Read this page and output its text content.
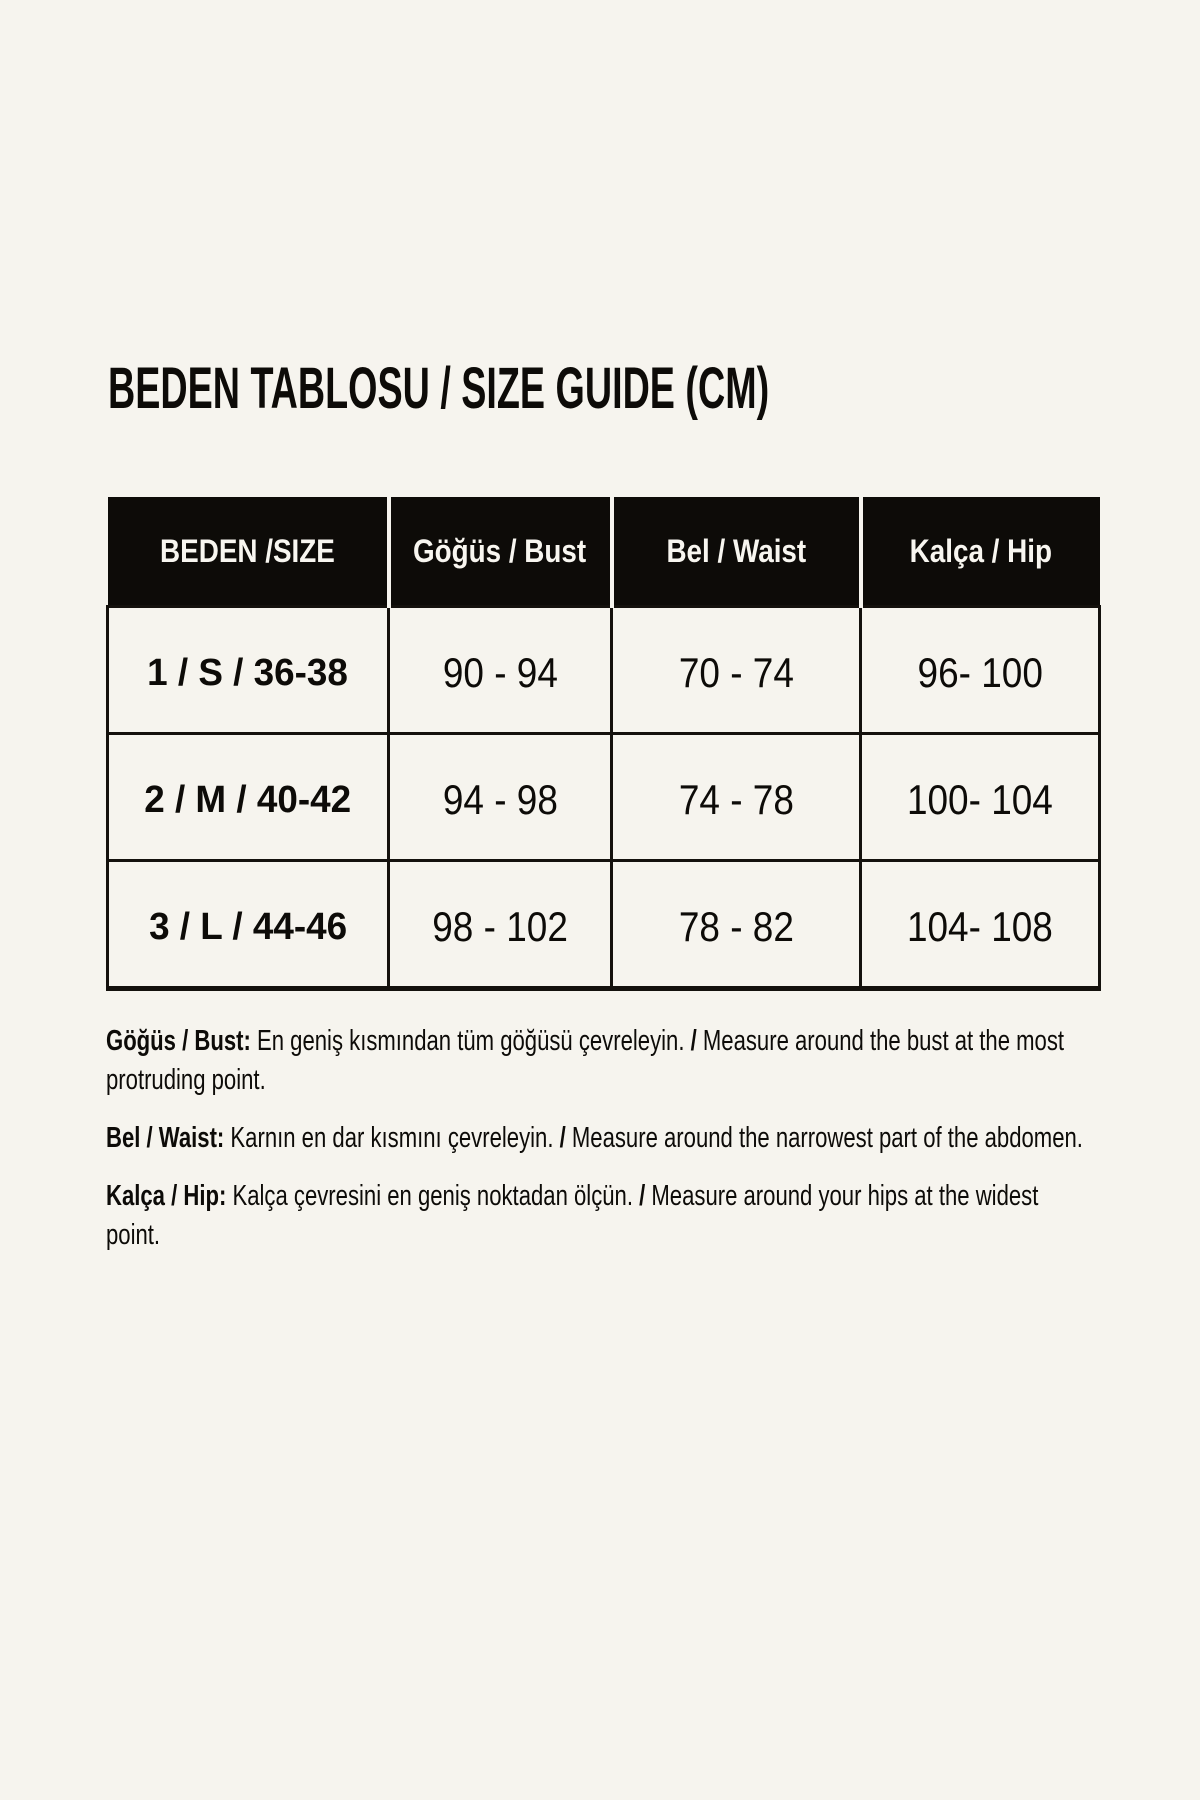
BEDEN TABLOSU / SIZE GUIDE (CM)
BEDEN /SIZE	Göğüs / Bust	Bel / Waist	Kalça / Hip
1 / S / 36-38	90 - 94	70 - 74	96- 100
2 / M / 40-42	94 - 98	74 - 78	100- 104
3 / L / 44-46	98 - 102	78 - 82	104- 108

Göğüs / Bust: En geniş kısmından tüm göğüsü çevreleyin. / Measure around the bust at the most protruding point.

Bel / Waist: Karnın en dar kısmını çevreleyin. / Measure around the narrowest part of the abdomen.

Kalça / Hip: Kalça çevresini en geniş noktadan ölçün. / Measure around your hips at the widest point.
